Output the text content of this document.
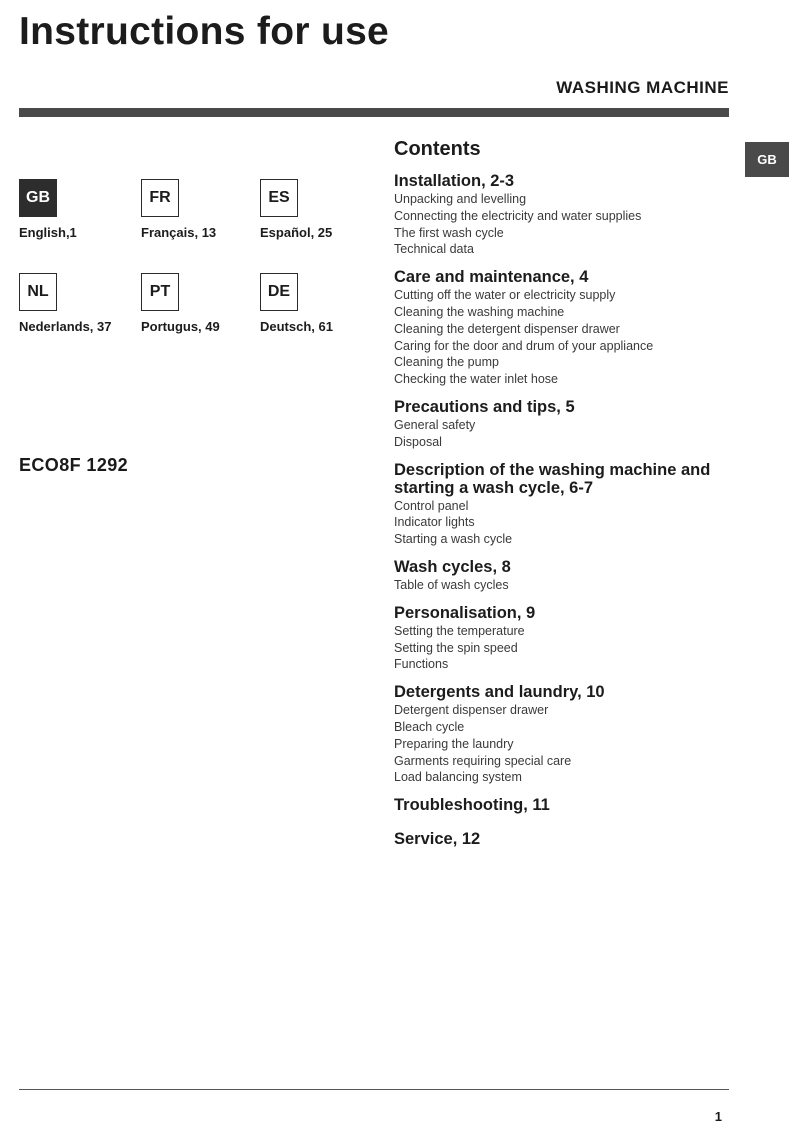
Instructions for use
WASHING MACHINE
GB
GB
English,1
FR
Français, 13
ES
Español, 25
NL
Nederlands, 37
PT
Portugus, 49
DE
Deutsch, 61
ECO8F 1292
Contents
Installation, 2-3
Unpacking and levelling
Connecting the electricity and water supplies
The first wash cycle
Technical data
Care and maintenance, 4
Cutting off the water or electricity supply
Cleaning the washing machine
Cleaning the detergent dispenser drawer
Caring for the door and drum of your appliance
Cleaning the pump
Checking the water inlet hose
Precautions and tips, 5
General safety
Disposal
Description of the washing machine and starting a wash cycle, 6-7
Control panel
Indicator lights
Starting a wash cycle
Wash cycles, 8
Table of wash cycles
Personalisation, 9
Setting the temperature
Setting the spin speed
Functions
Detergents and laundry, 10
Detergent dispenser drawer
Bleach cycle
Preparing the laundry
Garments requiring special care
Load balancing system
Troubleshooting, 11
Service, 12
1
